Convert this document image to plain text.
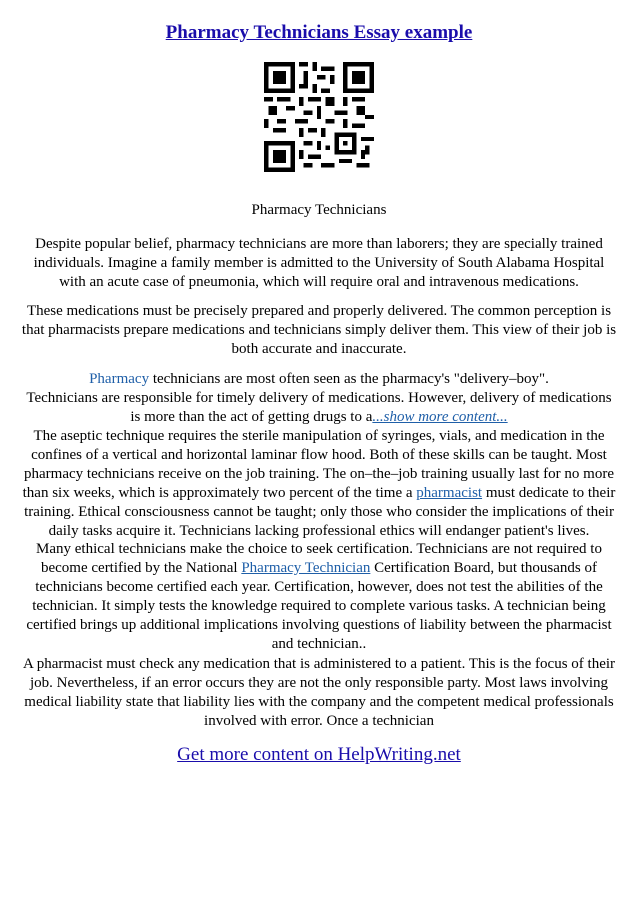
Pharmacy Technicians Essay example
Pharmacy Technicians
Despite popular belief, pharmacy technicians are more than laborers; they are specially trained individuals. Imagine a family member is admitted to the University of South Alabama Hospital with an acute case of pneumonia, which will require oral and intravenous medications.
These medications must be precisely prepared and properly delivered. The common perception is that pharmacists prepare medications and technicians simply deliver them. This view of their job is both accurate and inaccurate.
Pharmacy technicians are most often seen as the pharmacy's "delivery–boy".
Technicians are responsible for timely delivery of medications. However, delivery of medications is more than the act of getting drugs to a...show more content...
The aseptic technique requires the sterile manipulation of syringes, vials, and medication in the confines of a vertical and horizontal laminar flow hood. Both of these skills can be taught. Most pharmacy technicians receive on the job training. The on–the–job training usually last for no more than six weeks, which is approximately two percent of the time a pharmacist must dedicate to their training. Ethical consciousness cannot be taught; only those who consider the implications of their daily tasks acquire it. Technicians lacking professional ethics will endanger patient's lives.
Many ethical technicians make the choice to seek certification. Technicians are not required to become certified by the National Pharmacy Technician Certification Board, but thousands of technicians become certified each year. Certification, however, does not test the abilities of the technician. It simply tests the knowledge required to complete various tasks. A technician being certified brings up additional implications involving questions of liability between the pharmacist and technician..
A pharmacist must check any medication that is administered to a patient. This is the focus of their job. Nevertheless, if an error occurs they are not the only responsible party. Most laws involving medical liability state that liability lies with the company and the competent medical professionals involved with error. Once a technician
Get more content on HelpWriting.net
